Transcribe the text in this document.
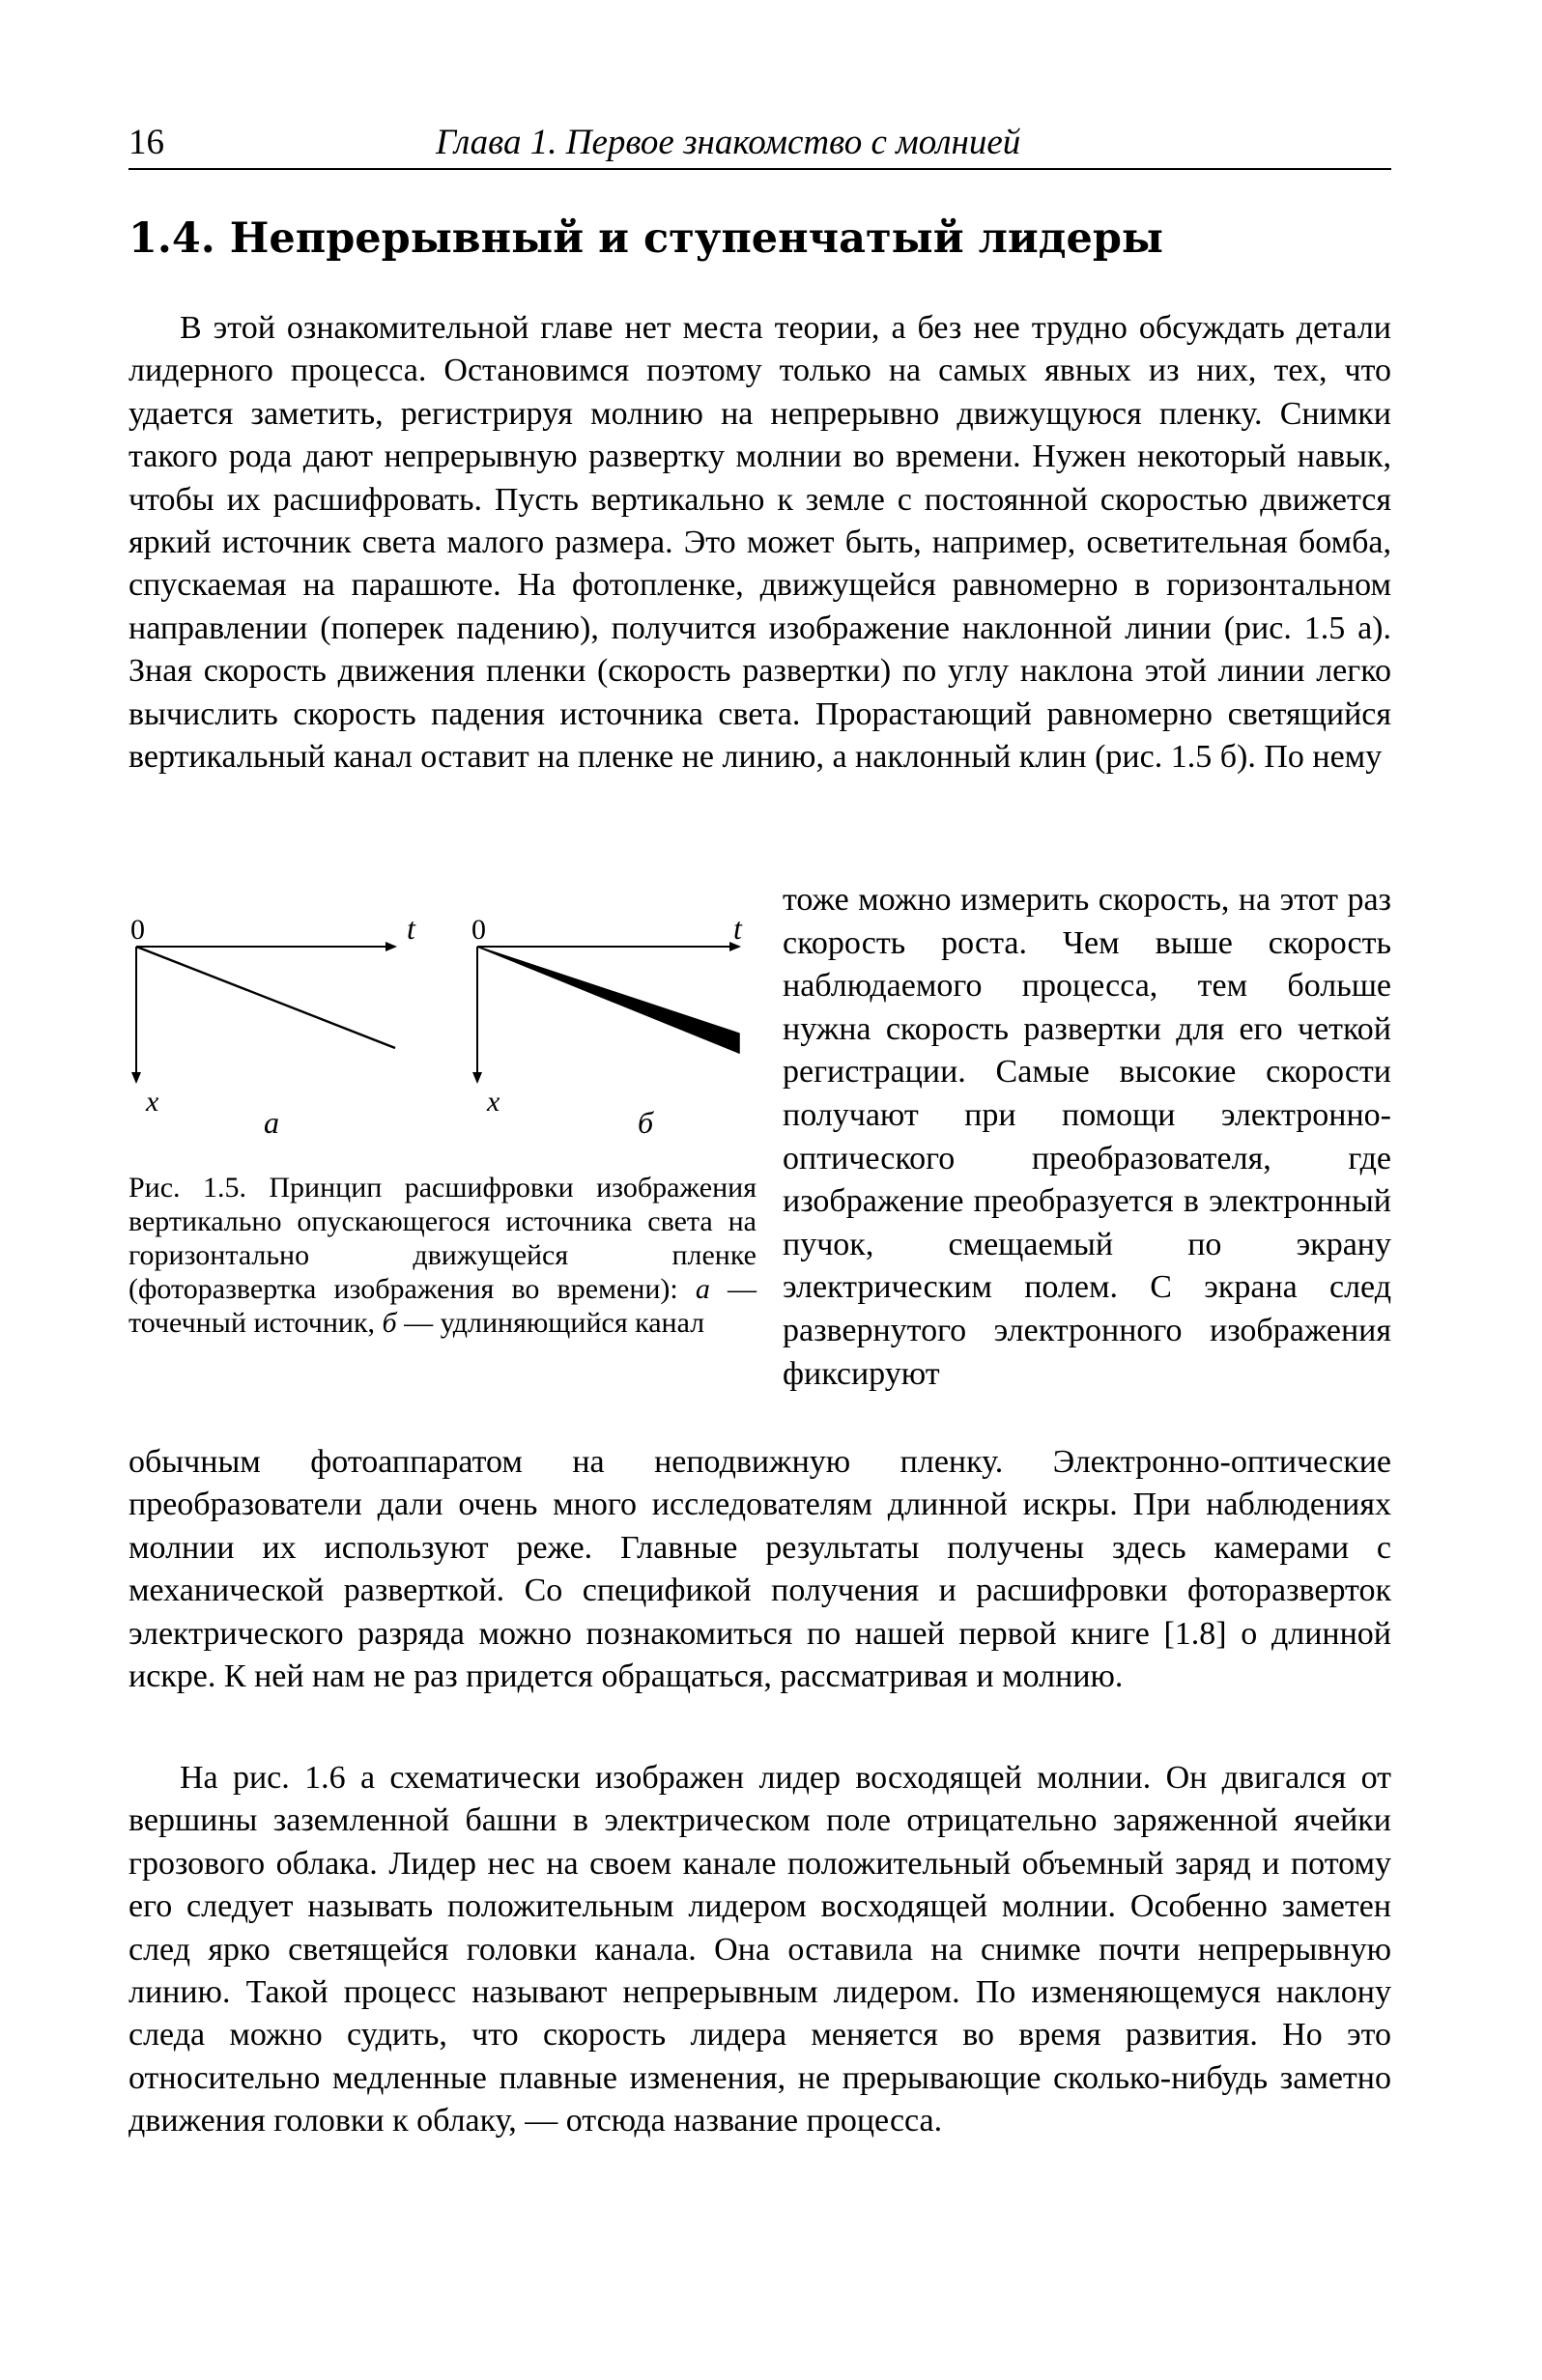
16	Глава 1. Первое знакомство с молнией
1.4. Непрерывный и ступенчатый лидеры

В этой ознакомительной главе нет места теории, а без нее трудно обсуждать детали лидерного процесса. Остановимся поэтому только на самых явных из них, тех, что удается заметить, регистрируя молнию на непрерывно движущуюся пленку. Снимки такого рода дают непрерывную развертку молнии во времени. Нужен некоторый навык, чтобы их расшифровать. Пусть вертикально к земле с постоянной скоростью движется яркий источник света малого размера. Это может быть, например, осветительная бомба, спускаемая на парашюте. На фотопленке, движущейся равномерно в горизонтальном направлении (поперек падению), получится изображение наклонной линии (рис. 1.5 а). Зная скорость движения пленки (скорость развертки) по углу наклона этой линии легко вычислить скорость падения источника света. Прорастающий равномерно светящийся вертикальный канал оставит на пленке не линию, а наклонный клин (рис. 1.5 б). По нему

0	t
x
а
0	t
x
б

Рис. 1.5. Принцип расшифровки изображения вертикально опускающегося источника света на горизонтально движущейся пленке (фоторазвертка изображения во времени): а — точечный источник, б — удлиняющийся канал

тоже можно измерить скорость, на этот раз скорость роста. Чем выше скорость наблюдаемого процесса, тем больше нужна скорость развертки для его четкой регистрации. Самые высокие скорости получают при помощи электронно-оптического преобразователя, где изображение преобразуется в электронный пучок, смещаемый по экрану электрическим полем. С экрана след развернутого электронного изображения фиксируют

обычным фотоаппаратом на неподвижную пленку. Электронно-оптические преобразователи дали очень много исследователям длинной искры. При наблюдениях молнии их используют реже. Главные результаты получены здесь камерами с механической разверткой. Со спецификой получения и расшифровки фоторазверток электрического разряда можно познакомиться по нашей первой книге [1.8] о длинной искре. К ней нам не раз придется обращаться, рассматривая и молнию.

На рис. 1.6 а схематически изображен лидер восходящей молнии. Он двигался от вершины заземленной башни в электрическом поле отрицательно заряженной ячейки грозового облака. Лидер нес на своем канале положительный объемный заряд и потому его следует называть положительным лидером восходящей молнии. Особенно заметен след ярко светящейся головки канала. Она оставила на снимке почти непрерывную линию. Такой процесс называют непрерывным лидером. По изменяющемуся наклону следа можно судить, что скорость лидера меняется во время развития. Но это относительно медленные плавные изменения, не прерывающие сколько-нибудь заметно движения головки к облаку, — отсюда название процесса.
